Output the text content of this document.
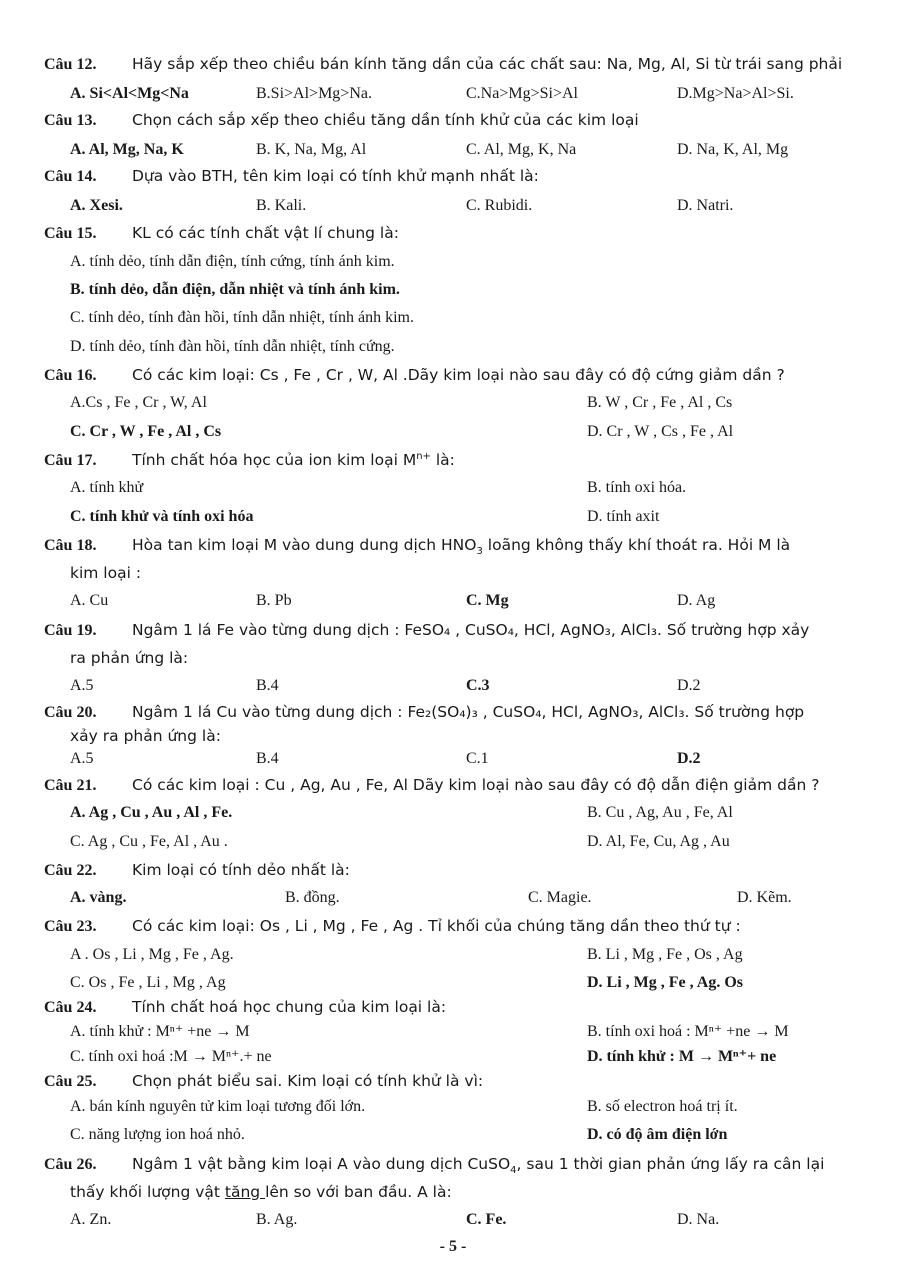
Câu 12. Hãy sắp xếp theo chiều bán kính tăng dần của các chất sau: Na, Mg, Al, Si từ trái sang phải
A. Si<Al<Mg<Na	B.Si>Al>Mg>Na.	C.Na>Mg>Si>Al	D.Mg>Na>Al>Si.
Câu 13. Chọn cách sắp xếp theo chiều tăng dần tính khử của các kim loại
A. Al, Mg, Na, K	B. K, Na, Mg, Al	C. Al, Mg, K, Na	D. Na, K, Al, Mg
Câu 14. Dựa vào BTH, tên kim loại có tính khử mạnh nhất là:
A. Xesi.	B. Kali.	C. Rubidi.	D. Natri.
Câu 15. KL có các tính chất vật lí chung là:
A. tính dẻo, tính dẫn điện, tính cứng, tính ánh kim.
B. tính dẻo, dẫn điện, dẫn nhiệt và tính ánh kim.
C. tính dẻo, tính đàn hồi, tính dẫn nhiệt, tính ánh kim.
D. tính dẻo, tính đàn hồi, tính dẫn nhiệt, tính cứng.
Câu 16. Có các kim loại: Cs , Fe , Cr , W, Al .Dãy kim loại nào sau đây có độ cứng giảm dần ?
A.Cs , Fe , Cr , W, Al	B. W , Cr , Fe , Al , Cs
C. Cr , W , Fe , Al , Cs	D. Cr , W , Cs , Fe , Al
Câu 17. Tính chất hóa học của ion kim loại $M^{n+}$ là:
A. tính khử	B. tính oxi hóa.
C. tính khử và tính oxi hóa	D. tính axit
Câu 18. Hòa tan kim loại M vào dung dung dịch $HNO_3$ loãng không thấy khí thoát ra. Hỏi M là
kim loại :
A. Cu	B. Pb	C. Mg	D. Ag
Câu 19. Ngâm 1 lá Fe vào từng dung dịch : FeSO₄ , CuSO₄, HCl, AgNO₃, AlCl₃. Số trường hợp xảy
ra phản ứng là:
A.5	B.4	C.3	D.2
Câu 20. Ngâm 1 lá Cu vào từng dung dịch : Fe₂(SO₄)₃ , CuSO₄, HCl, AgNO₃, AlCl₃. Số trường hợp
xảy ra phản ứng là:
A.5	B.4	C.1	D.2
Câu 21. Có các kim loại : Cu , Ag, Au , Fe, Al Dãy kim loại nào sau đây có độ dẫn điện giảm dần ?
A. Ag , Cu , Au , Al , Fe.	B. Cu , Ag, Au , Fe, Al
C. Ag , Cu , Fe, Al , Au .	D. Al, Fe, Cu, Ag , Au
Câu 22. Kim loại có tính dẻo nhất là:
A. vàng.	B. đồng.	C. Magie.	D. Kẽm.
Câu 23. Có các kim loại: Os , Li , Mg , Fe , Ag . Tỉ khối của chúng tăng dần theo thứ tự :
A . Os , Li , Mg , Fe , Ag.	B. Li , Mg , Fe , Os , Ag
C. Os , Fe , Li , Mg , Ag	D. Li , Mg , Fe , Ag. Os
Câu 24. Tính chất hoá học chung của kim loại là:
A. tính khử : Mⁿ⁺ +ne → M	B. tính oxi hoá : Mⁿ⁺ +ne → M
C. tính oxi hoá :M → Mⁿ⁺.+ ne	D. tính khử : M → Mⁿ⁺+ ne
Câu 25. Chọn phát biểu sai. Kim loại có tính khử là vì:
A. bán kính nguyên tử kim loại tương đối lớn.	B. số electron hoá trị ít.
C. năng lượng ion hoá nhỏ.	D. có độ âm điện lớn
Câu 26. Ngâm 1 vật bằng kim loại A vào dung dịch CuSO$_4$, sau 1 thời gian phản ứng lấy ra cân lại
thấy khối lượng vật tăng lên so với ban đầu. A là:
A. Zn.	B. Ag.	C. Fe.	D. Na.
- 5 -
